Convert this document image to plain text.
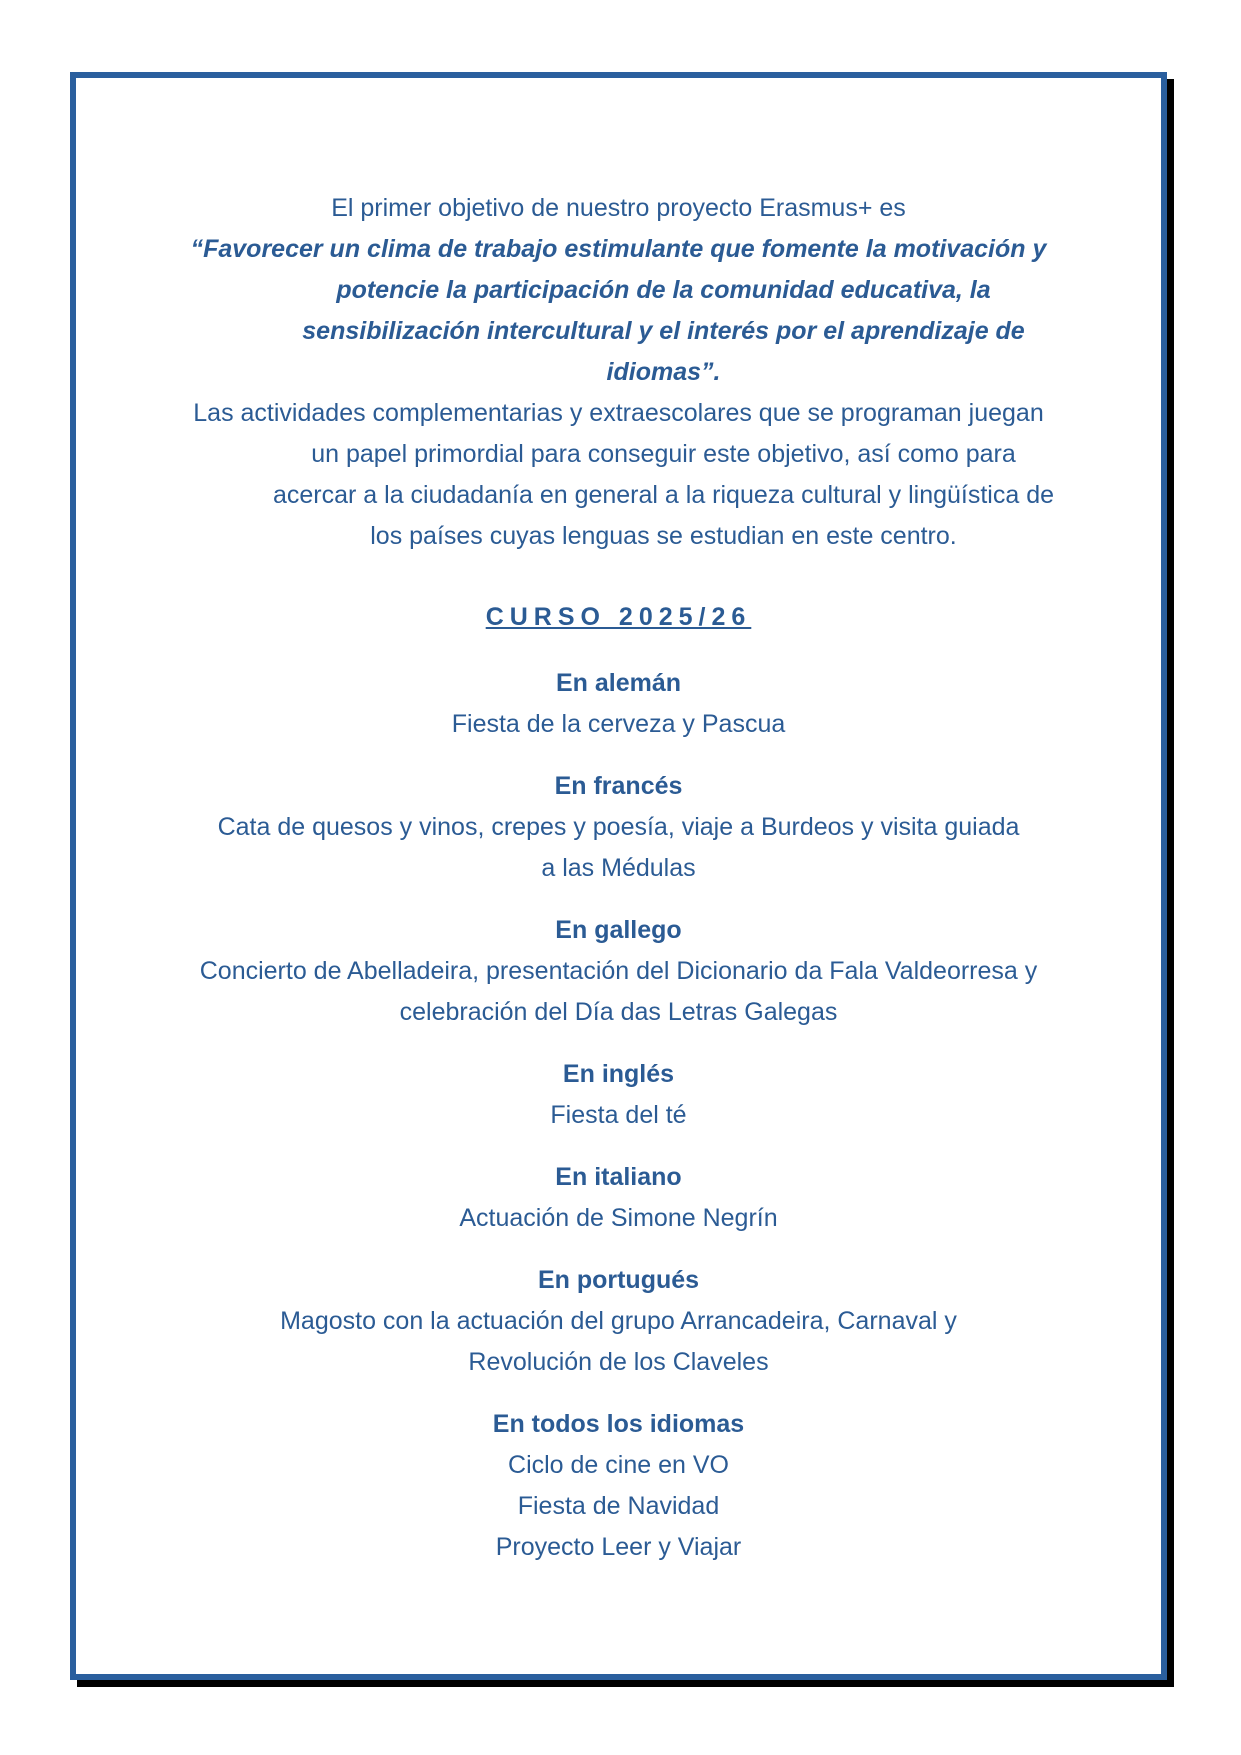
El primer objetivo de nuestro proyecto Erasmus+ es
“Favorecer un clima de trabajo estimulante que fomente la motivación y
potencie la participación de la comunidad educativa, la
sensibilización intercultural y el interés por el aprendizaje de
idiomas”.
Las actividades complementarias y extraescolares que se programan juegan
un papel primordial para conseguir este objetivo, así como para
acercar a la ciudadanía en general a la riqueza cultural y lingüística de
los países cuyas lenguas se estudian en este centro.
CURSO 2025/26
En alemán
Fiesta de la cerveza y Pascua
En francés
Cata de quesos y vinos, crepes y poesía, viaje a Burdeos y visita guiada
a las Médulas
En gallego
Concierto de Abelladeira, presentación del Dicionario da Fala Valdeorresa y
celebración del Día das Letras Galegas
En inglés
Fiesta del té
En italiano
Actuación de Simone Negrín
En portugués
Magosto con la actuación del grupo Arrancadeira, Carnaval y
Revolución de los Claveles
En todos los idiomas
Ciclo de cine en VO
Fiesta de Navidad
Proyecto Leer y Viajar
